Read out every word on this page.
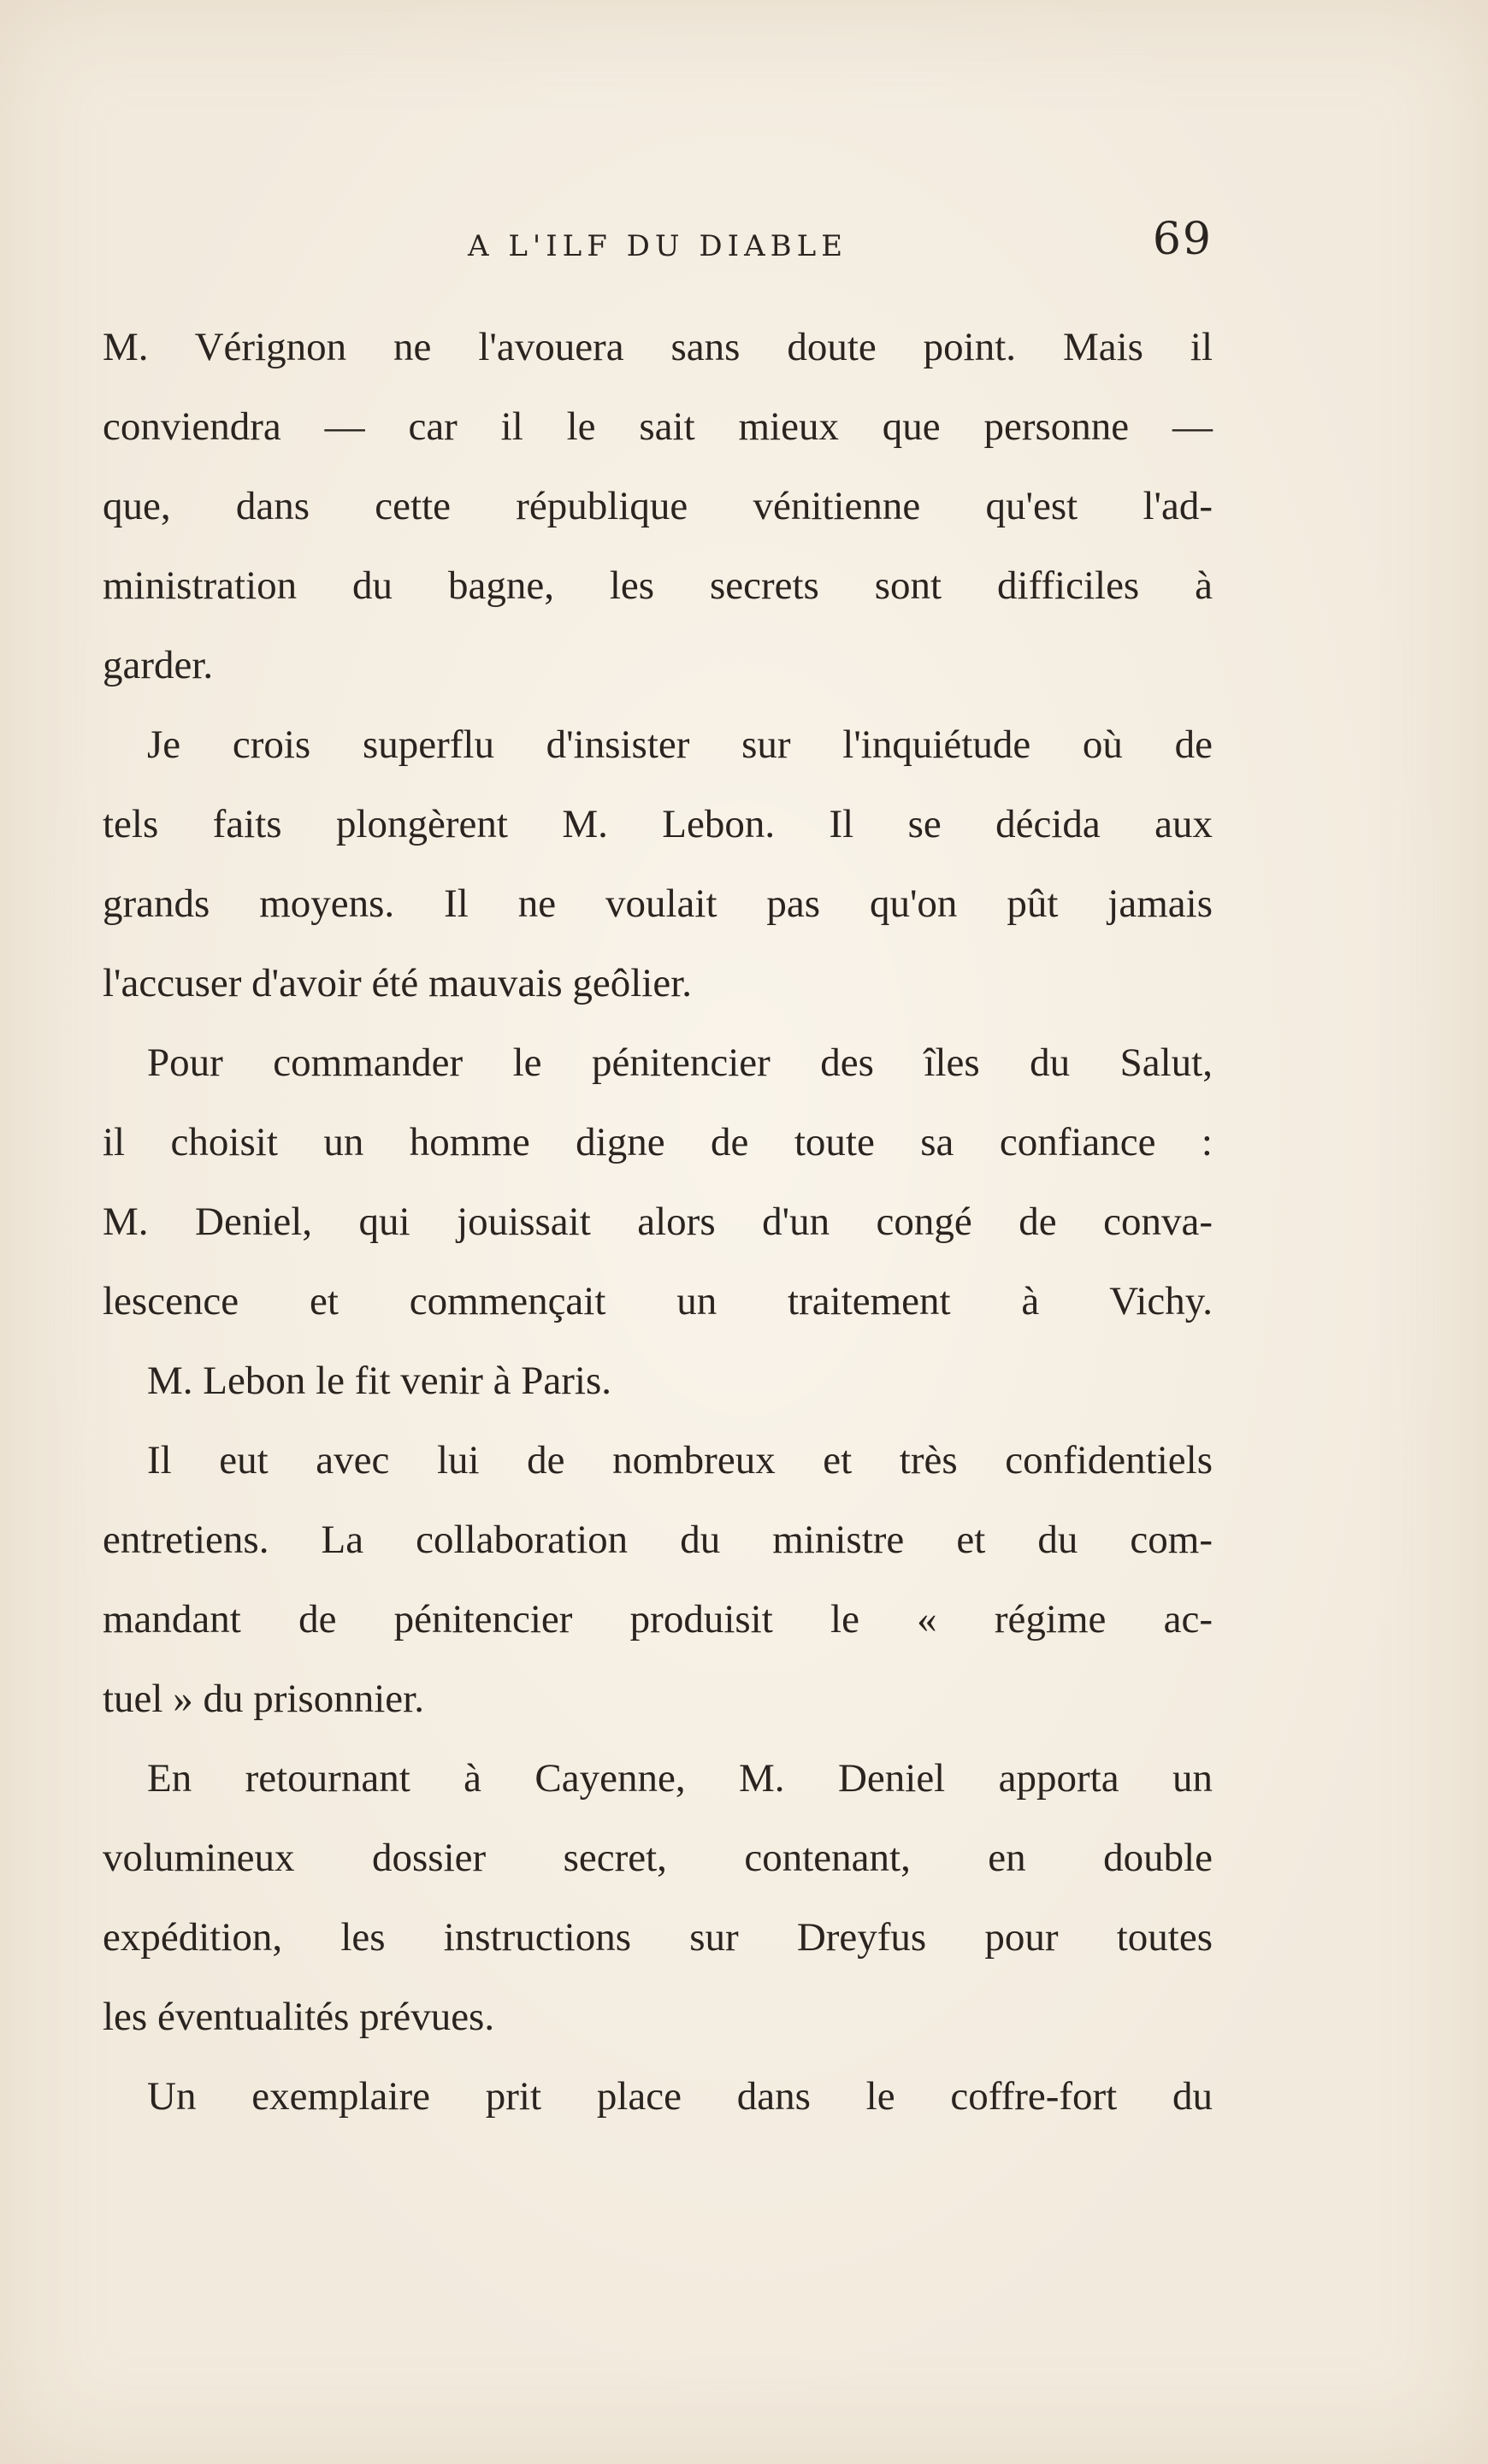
A L'ILF DU DIABLE	69
M. Vérignon ne l'avouera sans doute point. Mais il
conviendra — car il le sait mieux que personne —
que, dans cette république vénitienne qu'est l'ad-
ministration du bagne, les secrets sont difficiles à
garder.
Je crois superflu d'insister sur l'inquiétude où de
tels faits plongèrent M. Lebon. Il se décida aux
grands moyens. Il ne voulait pas qu'on pût jamais
l'accuser d'avoir été mauvais geôlier.
Pour commander le pénitencier des îles du Salut,
il choisit un homme digne de toute sa confiance :
M. Deniel, qui jouissait alors d'un congé de conva-
lescence et commençait un traitement à Vichy.
M. Lebon le fit venir à Paris.
Il eut avec lui de nombreux et très confidentiels
entretiens. La collaboration du ministre et du com-
mandant de pénitencier produisit le « régime ac-
tuel » du prisonnier.
En retournant à Cayenne, M. Deniel apporta un
volumineux dossier secret, contenant, en double
expédition, les instructions sur Dreyfus pour toutes
les éventualités prévues.
Un exemplaire prit place dans le coffre-fort du
